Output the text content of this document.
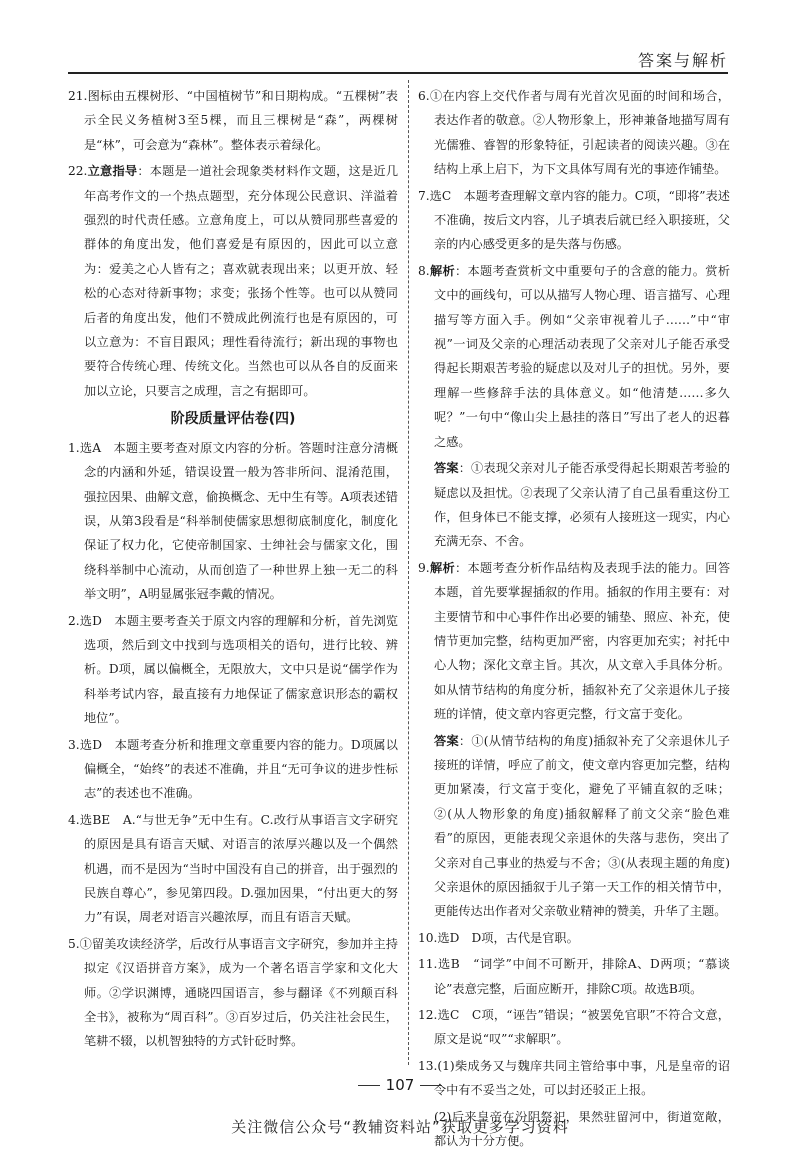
答案与解析

21.图标由五棵树形、“中国植树节”和日期构成。“五棵树”表示全民义务植树3至5棵，而且三棵树是“森”，两棵树是“林”，可会意为“森林”。整体表示着绿化。

22.立意指导：本题是一道社会现象类材料作文题，这是近几年高考作文的一个热点题型，充分体现公民意识、洋溢着强烈的时代责任感。立意角度上，可以从赞同那些喜爱的群体的角度出发，他们喜爱是有原因的，因此可以立意为：爱美之心人皆有之；喜欢就表现出来；以更开放、轻松的心态对待新事物；求变；张扬个性等。也可以从赞同后者的角度出发，他们不赞成此例流行也是有原因的，可以立意为：不盲目跟风；理性看待流行；新出现的事物也要符合传统心理、传统文化。当然也可以从各自的反面来加以立论，只要言之成理，言之有据即可。

阶段质量评估卷(四)

1.选A　本题主要考查对原文内容的分析。答题时注意分清概念的内涵和外延，错误设置一般为答非所问、混淆范围，强拉因果、曲解文意，偷换概念、无中生有等。A项表述错误，从第3段看是“科举制使儒家思想彻底制度化，制度化保证了权力化，它使帝制国家、士绅社会与儒家文化，围绕科举制中心流动，从而创造了一种世界上独一无二的科举文明”，A明显属张冠李戴的情况。

2.选D　本题主要考查关于原文内容的理解和分析，首先浏览选项，然后到文中找到与选项相关的语句，进行比较、辨析。D项，属以偏概全，无限放大，文中只是说“儒学作为科举考试内容，最直接有力地保证了儒家意识形态的霸权地位”。

3.选D　本题考查分析和推理文章重要内容的能力。D项属以偏概全，“始终”的表述不准确，并且“无可争议的进步性标志”的表述也不准确。

4.选BE　A.“与世无争”无中生有。C.改行从事语言文字研究的原因是具有语言天赋、对语言的浓厚兴趣以及一个偶然机遇，而不是因为“当时中国没有自己的拼音，出于强烈的民族自尊心”，参见第四段。D.强加因果，“付出更大的努力”有误，周老对语言兴趣浓厚，而且有语言天赋。

5.①留美攻读经济学，后改行从事语言文字研究，参加并主持拟定《汉语拼音方案》，成为一个著名语言学家和文化大师。②学识渊博，通晓四国语言，参与翻译《不列颠百科全书》，被称为“周百科”。③百岁过后，仍关注社会民生，笔耕不辍，以机智独特的方式针砭时弊。

6.①在内容上交代作者与周有光首次见面的时间和场合，表达作者的敬意。②人物形象上，形神兼备地描写周有光儒雅、睿智的形象特征，引起读者的阅读兴趣。③在结构上承上启下，为下文具体写周有光的事迹作铺垫。

7.选C　本题考查理解文章内容的能力。C项，“即将”表述不准确，按后文内容，儿子填表后就已经入职接班，父亲的内心感受更多的是失落与伤感。

8.解析：本题考查赏析文中重要句子的含意的能力。赏析文中的画线句，可以从描写人物心理、语言描写、心理描写等方面入手。例如“父亲审视着儿子……”中“审视”一词及父亲的心理活动表现了父亲对儿子能否承受得起长期艰苦考验的疑虑以及对儿子的担忧。另外，要理解一些修辞手法的具体意义。如“他清楚……多久呢？”一句中“像山尖上悬挂的落日”写出了老人的迟暮之感。

答案：①表现父亲对儿子能否承受得起长期艰苦考验的疑虑以及担忧。②表现了父亲认清了自己虽看重这份工作，但身体已不能支撑，必须有人接班这一现实，内心充满无奈、不舍。

9.解析：本题考查分析作品结构及表现手法的能力。回答本题，首先要掌握插叙的作用。插叙的作用主要有：对主要情节和中心事件作出必要的铺垫、照应、补充，使情节更加完整，结构更加严密，内容更加充实；衬托中心人物；深化文章主旨。其次，从文章入手具体分析。如从情节结构的角度分析，插叙补充了父亲退休儿子接班的详情，使文章内容更完整，行文富于变化。

答案：①(从情节结构的角度)插叙补充了父亲退休儿子接班的详情，呼应了前文，使文章内容更加完整，结构更加紧凑，行文富于变化，避免了平铺直叙的乏味；②(从人物形象的角度)插叙解释了前文父亲“脸色难看”的原因，更能表现父亲退休的失落与悲伤，突出了父亲对自己事业的热爱与不舍；③(从表现主题的角度)父亲退休的原因插叙于儿子第一天工作的相关情节中，更能传达出作者对父亲敬业精神的赞美，升华了主题。

10.选D　D项，古代是官职。

11.选B　“词学”中间不可断开，排除A、D两项；“慕谈论”表意完整，后面应断开，排除C项。故选B项。

12.选C　C项，“诬告”错误；“被罢免官职”不符合文意，原文是说“叹”“求解职”。

13.(1)柴成务又与魏庠共同主管给事中事，凡是皇帝的诏令中有不妥当之处，可以封还驳正上报。

(2)后来皇帝在汾阴祭祀，果然驻留河中，街道宽敞，都认为十分方便。

107
关注微信公众号“教辅资料站”获取更多学习资料
